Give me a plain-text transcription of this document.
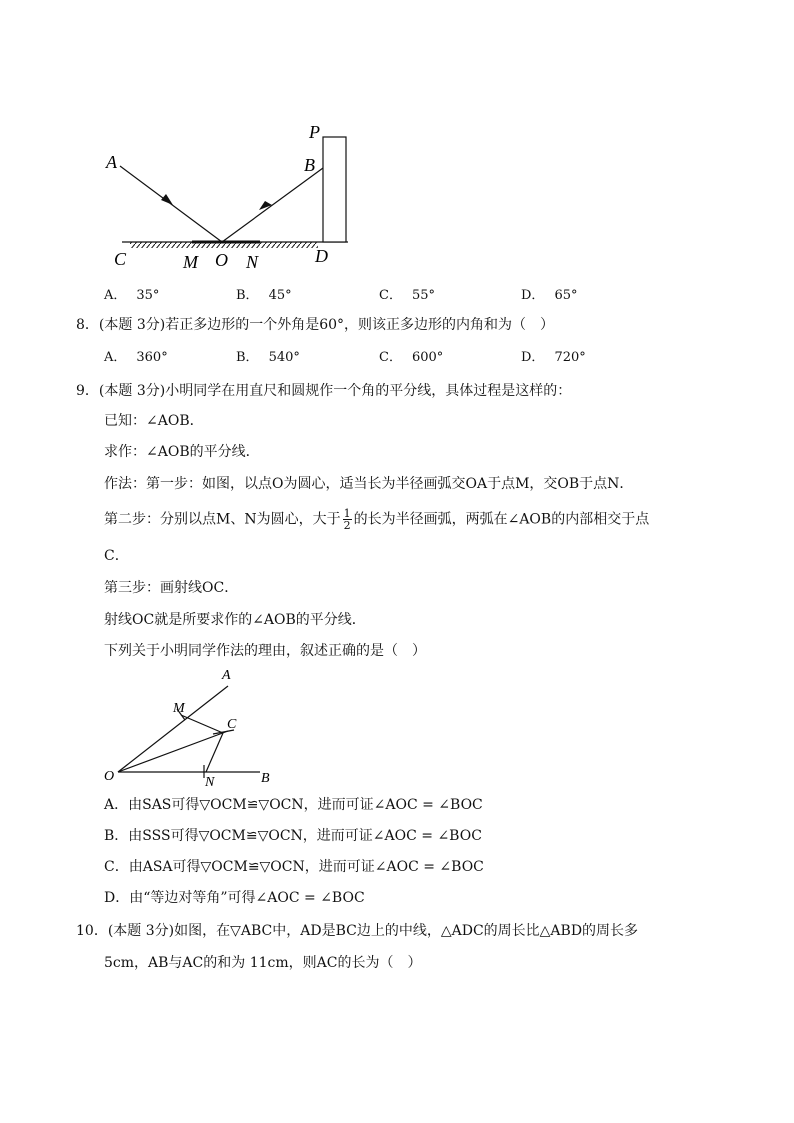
A
P
B
C	M O N	D
A． 35°	B． 45°	C． 55°	D． 65°
8．(本题 3分)若正多边形的一个外角是60°，则该正多边形的内角和为（　）
A． 360°	B． 540°	C． 600°	D． 720°
9．(本题 3分)小明同学在用直尺和圆规作一个角的平分线，具体过程是这样的：
已知：∠AOB．
求作：∠AOB的平分线．
作法：第一步：如图，以点O为圆心，适当长为半径画弧交OA于点M，交OB于点N．
第二步：分别以点M、N为圆心，大于 $\frac{1}{2}$ 的长为半径画弧，两弧在∠AOB的内部相交于点
C．
第三步：画射线OC．
射线OC就是所要求作的∠AOB的平分线．
下列关于小明同学作法的理由，叙述正确的是（　）
A
M
C
O	N	B
A．由SAS可得▽OCM≌▽OCN，进而可证∠AOC = ∠BOC
B．由SSS可得▽OCM≌▽OCN，进而可证∠AOC = ∠BOC
C．由ASA可得▽OCM≌▽OCN，进而可证∠AOC = ∠BOC
D．由“等边对等角”可得∠AOC = ∠BOC
10．(本题 3分)如图，在▽ABC中，AD是BC边上的中线，△ADC的周长比△ABD的周长多
5cm，AB与AC的和为 11cm，则AC的长为（　）
